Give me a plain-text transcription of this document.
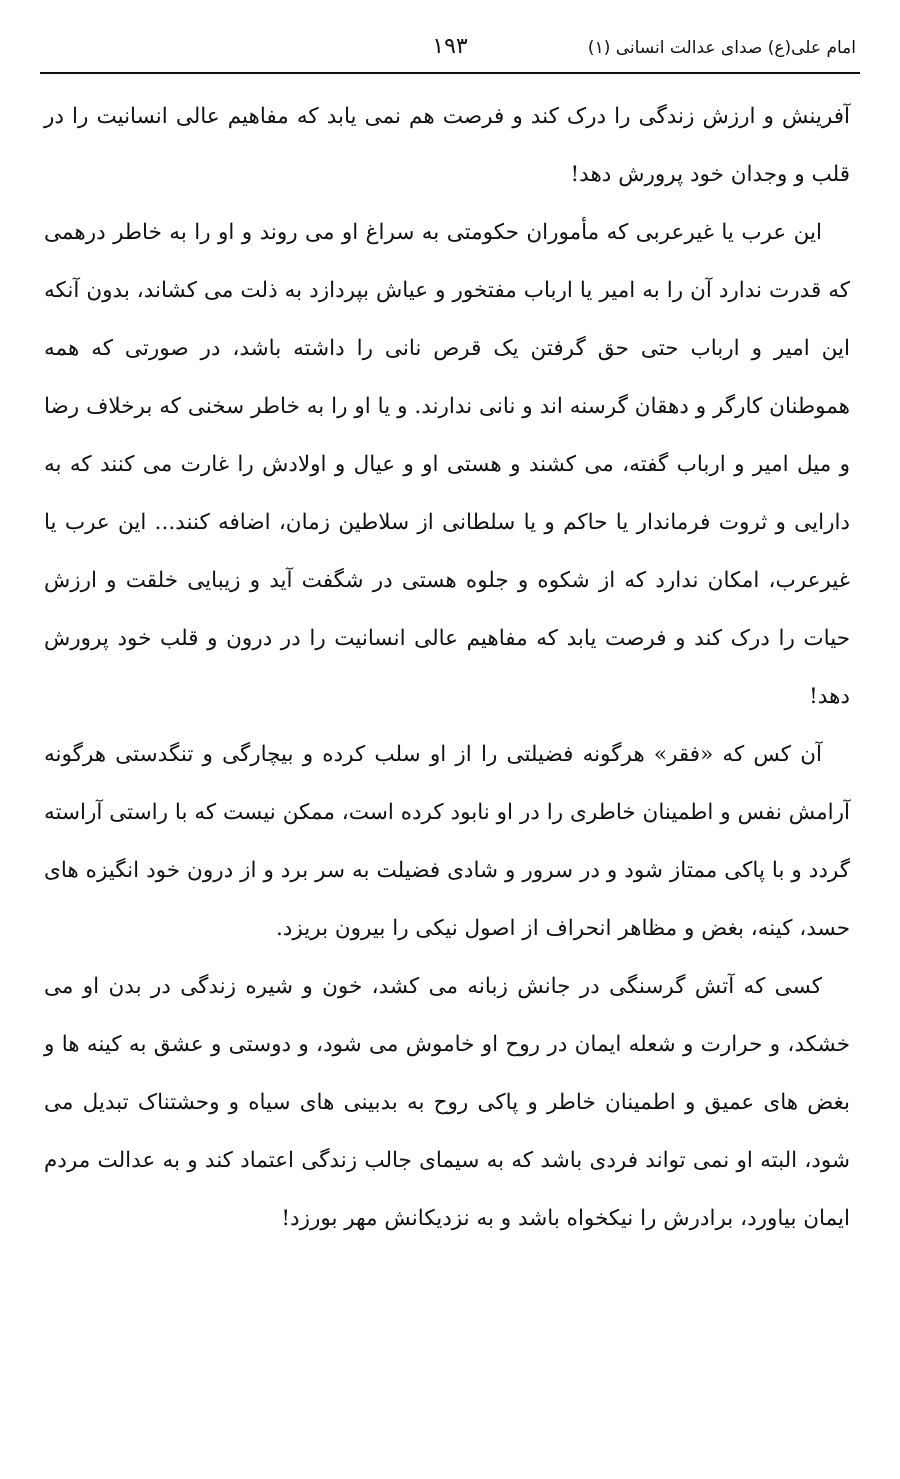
امام علی(ع) صدای عدالت انسانی (۱)
۱۹۳

آفرینش و ارزش زندگی را درک کند و فرصت هم نمی یابد که مفاهیم عالی انسانیت را در قلب و وجدان خود پرورش دهد!

این عرب یا غیرعربی که مأموران حکومتی به سراغ او می روند و او را به خاطر درهمی که قدرت ندارد آن را به امیر یا ارباب مفتخور و عیاش بپردازد به ذلت می کشاند، بدون آنکه این امیر و ارباب حتی حق گرفتن یک قرص نانی را داشته باشد، در صورتی که همه هموطنان کارگر و دهقان گرسنه اند و نانی ندارند. و یا او را به خاطر سخنی که برخلاف رضا و میل امیر و ارباب گفته، می کشند و هستی او و عیال و اولادش را غارت می کنند که به دارایی و ثروت فرماندار یا حاکم و یا سلطانی از سلاطین زمان، اضافه کنند... این عرب یا غیرعرب، امکان ندارد که از شکوه و جلوه هستی در شگفت آید و زیبایی خلقت و ارزش حیات را درک کند و فرصت یابد که مفاهیم عالی انسانیت را در درون و قلب خود پرورش دهد!

آن کس که «فقر» هرگونه فضیلتی را از او سلب کرده و بیچارگی و تنگدستی هرگونه آرامش نفس و اطمینان خاطری را در او نابود کرده است، ممکن نیست که با راستی آراسته گردد و با پاکی ممتاز شود و در سرور و شادی فضیلت به سر برد و از درون خود انگیزه های حسد، کینه، بغض و مظاهر انحراف از اصول نیکی را بیرون بریزد.

کسی که آتش گرسنگی در جانش زبانه می کشد، خون و شیره زندگی در بدن او می خشکد، و حرارت و شعله ایمان در روح او خاموش می شود، و دوستی و عشق به کینه ها و بغض های عمیق و اطمینان خاطر و پاکی روح به بدبینی های سیاه و وحشتناک تبدیل می شود، البته او نمی تواند فردی باشد که به سیمای جالب زندگی اعتماد کند و به عدالت مردم ایمان بیاورد، برادرش را نیکخواه باشد و به نزدیکانش مهر بورزد!
